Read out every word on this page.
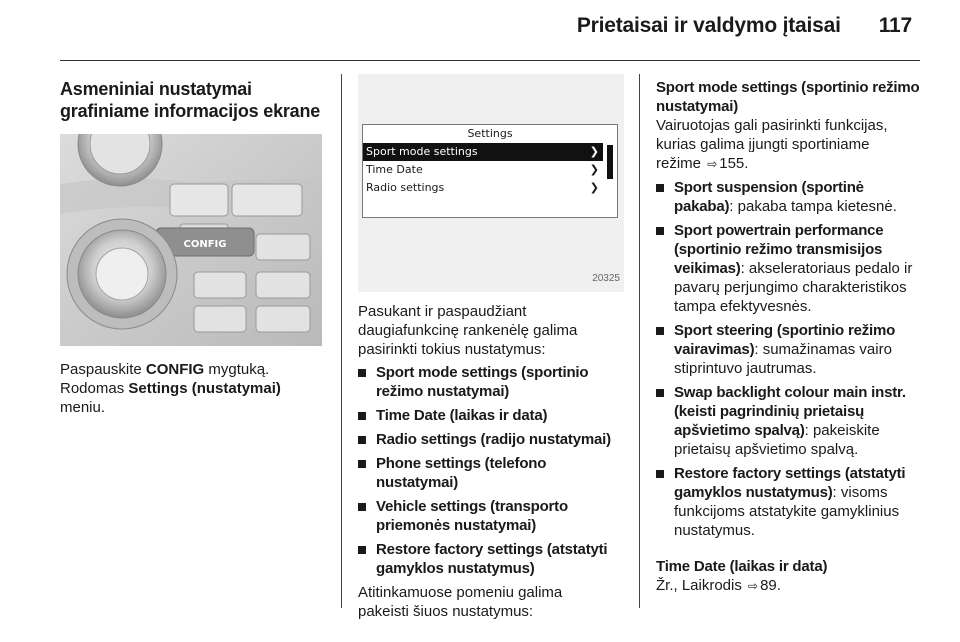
Prietaisai ir valdymo įtaisai 117
Asmeniniai nustatymai
grafiniame informacijos ekrane
CONFIG

Paspauskite CONFIG mygtuką.
Rodomas Settings (nustatymai)
meniu.

Settings
Sport mode settings	❯
Time Date	❯
Radio settings	❯
20325

Pasukant ir paspaudžiant
daugiafunkcinę rankenėlę galima
pasirinkti tokius nustatymus:

Sport mode settings (sportinio
režimo nustatymai)
Time Date (laikas ir data)
Radio settings (radijo nustatymai)
Phone settings (telefono
nustatymai)
Vehicle settings (transporto
priemonės nustatymai)
Restore factory settings (atstatyti
gamyklos nustatymus)

Atitinkamuose pomeniu galima
pakeisti šiuos nustatymus:

Sport mode settings (sportinio režimo
nustatymai)

Vairuotojas gali pasirinkti funkcijas,
kurias galima įjungti sportiniame
režime ⇨ 155.

Sport suspension (sportinė
pakaba): pakaba tampa kietesnė.
Sport powertrain performance
(sportinio režimo transmisijos
veikimas): akseleratoriaus pedalo ir
pavarų perjungimo charakteristikos
tampa efektyvesnės.
Sport steering (sportinio režimo
vairavimas): sumažinamas vairo
stiprintuvo jautrumas.
Swap backlight colour main instr.
(keisti pagrindinių prietaisų
apšvietimo spalvą): pakeiskite
prietaisų apšvietimo spalvą.
Restore factory settings (atstatyti
gamyklos nustatymus): visoms
funkcijoms atstatykite gamyklinius
nustatymus.
Time Date (laikas ir data)

Žr., Laikrodis ⇨ 89.
